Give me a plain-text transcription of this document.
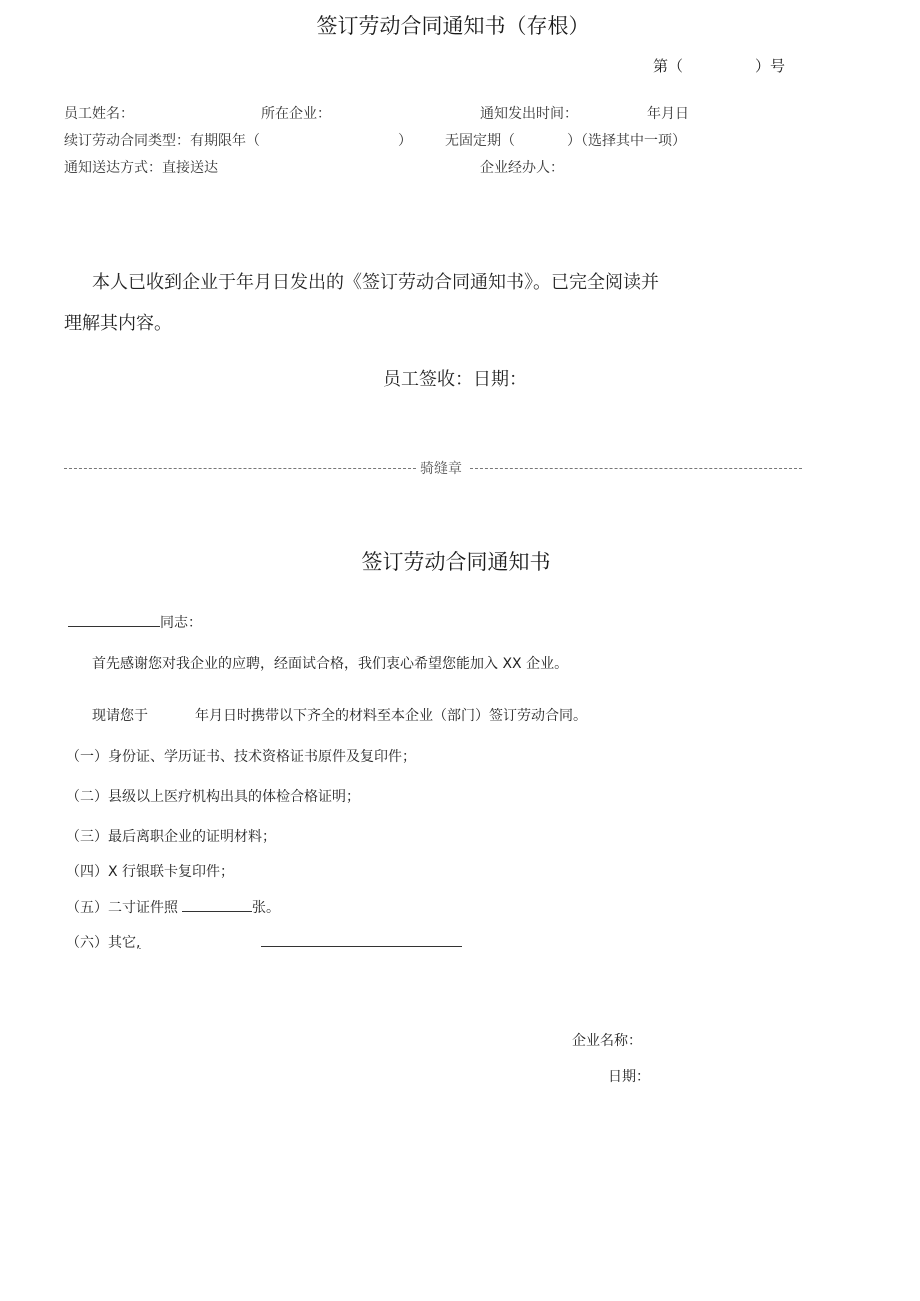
签订劳动合同通知书（存根）
第（	）号
员工姓名：	所在企业：	通知发出时间：	年月日
续订劳动合同类型：有期限年（	） 无固定期（	）（选择其中一项）
通知送达方式：直接送达	企业经办人：
本人已收到企业于年月日发出的《签订劳动合同通知书》。已完全阅读并
理解其内容。
员工签收：日期：
骑缝章
签订劳动合同通知书
同志：
首先感谢您对我企业的应聘，经面试合格，我们衷心希望您能加入 XX 企业。
现请您于	年月日时携带以下齐全的材料至本企业（部门）签订劳动合同。
（一）身份证、学历证书、技术资格证书原件及复印件；
（二）县级以上医疗机构出具的体检合格证明；
（三）最后离职企业的证明材料；
（四）X 行银联卡复印件；
（五）二寸证件照	张。
（六）其它,
企业名称：
日期：
